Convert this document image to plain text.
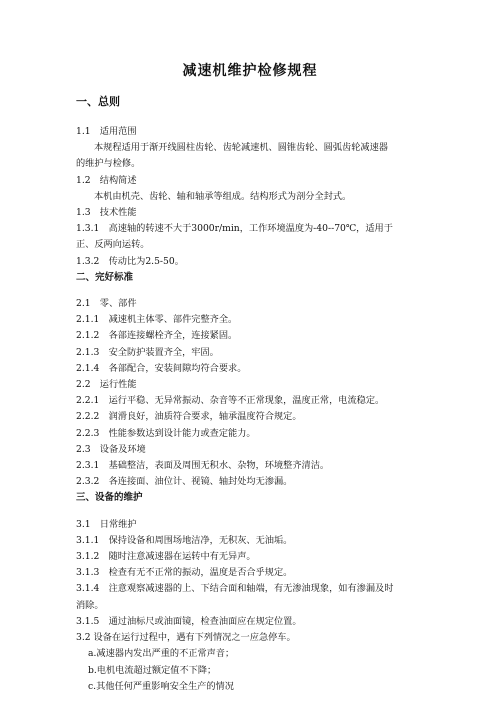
减速机维护检修规程
一、总则
1.1　适用范围
本规程适用于渐开线圆柱齿轮、齿轮减速机、圆锥齿轮、圆弧齿轮减速器
的维护与检修。
1.2　结构简述
本机由机壳、齿轮、轴和轴承等组成。结构形式为剖分全封式。
1.3　技术性能
1.3.1　高速轴的转速不大于3000r/min，工作环境温度为-40--70℃，适用于
正、反两向运转。
1.3.2　传动比为2.5-50。
二、完好标准
2.1　零、部件
2.1.1　减速机主体零、部件完整齐全。
2.1.2　各部连接螺栓齐全，连接紧固。
2.1.3　安全防护装置齐全，牢固。
2.1.4　各部配合，安装间隙均符合要求。
2.2　运行性能
2.2.1　运行平稳、无异常振动、杂音等不正常现象，温度正常，电流稳定。
2.2.2　润滑良好，油质符合要求，轴承温度符合规定。
2.2.3　性能参数达到设计能力或查定能力。
2.3　设备及环境
2.3.1　基础整洁，表面及周围无积水、杂物，环境整齐清洁。
2.3.2　各连接面、油位计、视镜、轴封处均无渗漏。
三、设备的维护
3.1　日常维护
3.1.1　保持设备和周围场地洁净，无积灰、无油垢。
3.1.2　随时注意减速器在运转中有无异声。
3.1.3　检查有无不正常的振动，温度是否合乎规定。
3.1.4　注意观察减速器的上、下结合面和轴端，有无渗油现象，如有渗漏及时
消除。
3.1.5　通过油标尺或油面镜，检查油面应在规定位置。
3.2 设备在运行过程中，遇有下列情况之一应急停车。
a.减速器内发出严重的不正常声音；
b.电机电流超过额定值不下降；
c.其他任何严重影响安全生产的情况
